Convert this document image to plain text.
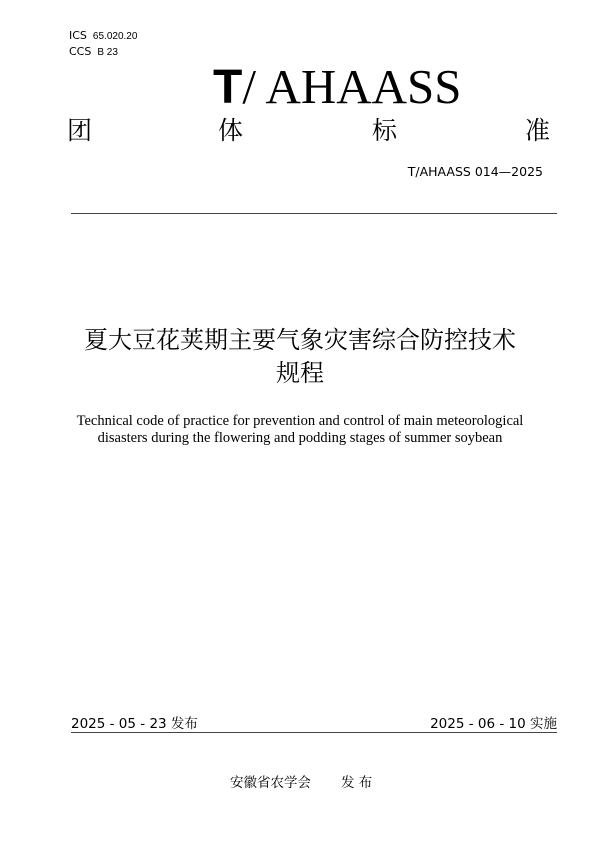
ICS 65.020.20
CCS B 23
T/ AHAASS
团	体	标	准
T/AHAASS 014—2025
夏大豆花荚期主要气象灾害综合防控技术
规程
Technical code of practice for prevention and control of main meteorological
disasters during the flowering and podding stages of summer soybean
2025 - 05 - 23 发布	2025 - 06 - 10 实施
安徽省农学会 发 布
